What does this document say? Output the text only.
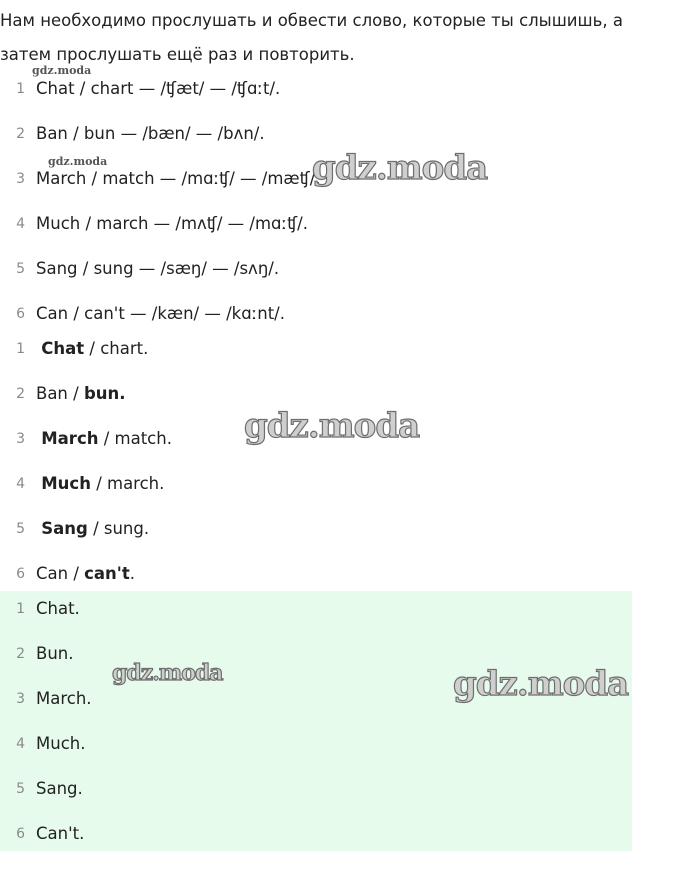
Нам необходимо прослушать и обвести слово, которые ты слышишь, а затем прослушать ещё раз и повторить.

1 Chat / chart — /ʧæt/ — /ʧɑːt/.
2 Ban / bun — /bæn/ — /bʌn/.
3 March / match — /mɑːʧ/ — /mæʧ/.
4 Much / march — /mʌʧ/ — /mɑːʧ/.
5 Sang / sung — /sæŋ/ — /sʌŋ/.
6 Can / can't — /kæn/ — /kɑːnt/.
1 Chat / chart.
2 Ban / bun.
3 March / match.
4 Much / march.
5 Sang / sung.
6 Can / can't.
1 Chat.
2 Bun.
3 March.
4 Much.
5 Sang.
6 Can't.
gdz.moda
gdz.moda	gdz.moda
gdz.moda
gdz.moda	gdz.moda
